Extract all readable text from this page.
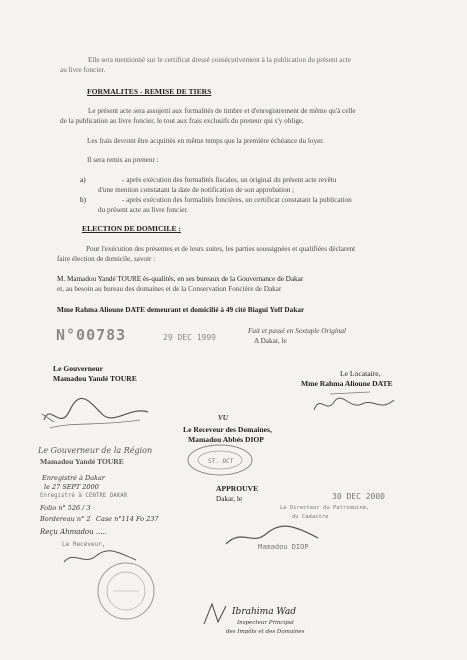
Elle sera mentionné sur le certificat dressé consécutivement à la publication du présent acte
au livre foncier.
FORMALITES - REMISE DE TIERS
Le présent acte sera assujetti aux formalités de timbre et d'enregistrement de même qu'à celle
de la publication au livre foncier, le tout aux frais exclusifs du preneur qui s'y oblige.
Les frais devront être acquittés en même temps que la première échéance du loyer.
Il sera remis au preneur :
a)	- après exécution des formalités fiscales, un original du présent acte revêtu
d'une mention constatant la date de notification de son approbation ;
b)	- après exécution des formalités foncières, un certificat constatant la publication
du présent acte au livre foncier.
ELECTION DE DOMICILE :
Pour l'exécution des présentes et de leurs suites, les parties soussignées et qualifiées déclarent
faire élection de domicile, savoir :
M. Mamadou Yandé TOURE ès-qualités, en ses bureaux de la Gouvernance de Dakar
et, au besoin au bureau des domaines et de la Conservation Foncière de Dakar
Mme Rahma Alioune DATE demeurant et domicilié à 49 cité Biagui Yoff Dakar
N°00783	29 DEC 1999
Fait et passé en Sextuple Original
A Dakar, le
Le Gouverneur
Mamadou Yandé TOURE
Le Locataire,
Mme Rahma Alioune DATE
Le Gouverneur de la Région
Mamadou Yandé TOURE
VU
Le Receveur des Domaines,
Mamadou Abbés DIOP
ST. OCT
APPROUVE
Dakar, le	30 DEC 2000
Le Directeur du Patrimoine,
du Cadastre
Mamadou DIOP
Enregistré à Dakar
le 27 SEPT 2000
Enregistré à CENTRE DAKAR
Folio n° 526 / 3
Bordereau n° 2 Case n°114 Fo 237
Reçu Ahmadou .....
Le Receveur,
Ibrahima Wad
Inspecteur Principal
des Impôts et des Domaines
